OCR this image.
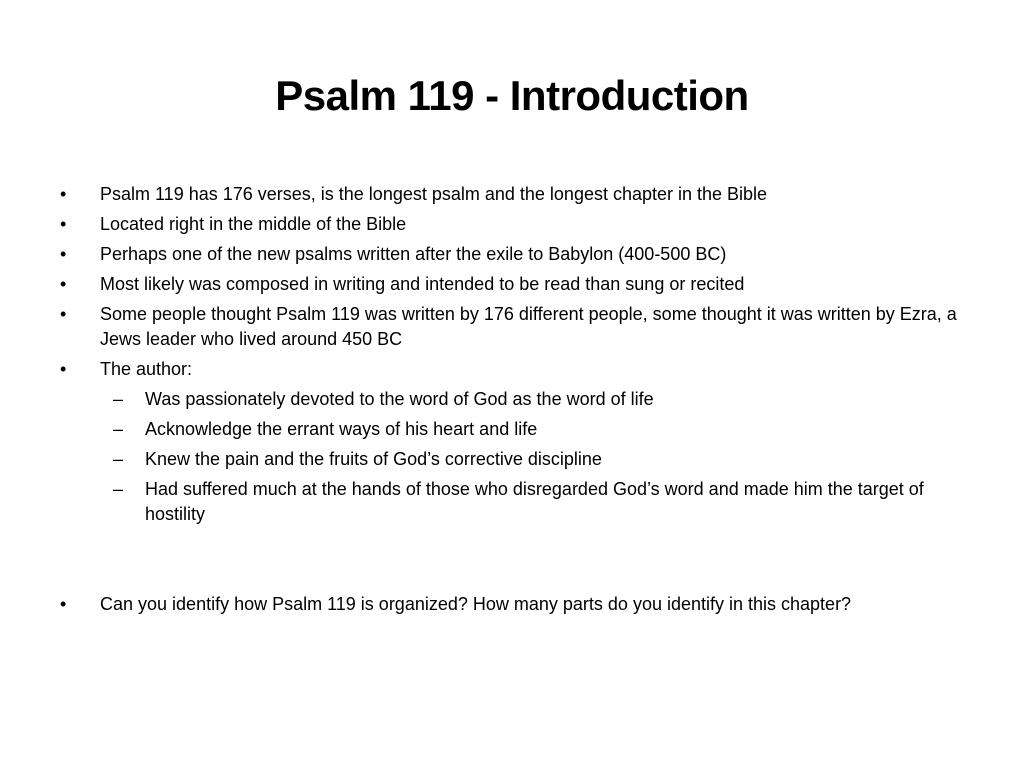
Psalm 119 - Introduction
•	Psalm 119 has 176 verses, is the longest psalm and the longest chapter in the Bible
•	Located right in the middle of the Bible
•	Perhaps one of the new psalms written after the exile to Babylon (400-500 BC)
•	Most likely was composed in writing and intended to be read than sung or recited
•	Some people thought Psalm 119 was written by 176 different people, some thought it was written by Ezra, a Jews leader who lived around 450 BC
•	The author:
–	Was passionately devoted to the word of God as the word of life
–	Acknowledge the errant ways of his heart and life
–	Knew the pain and the fruits of God’s corrective discipline
–	Had suffered much at the hands of those who disregarded God’s word and made him the target of hostility
•	Can you identify how Psalm 119 is organized? How many parts do you identify in this chapter?
